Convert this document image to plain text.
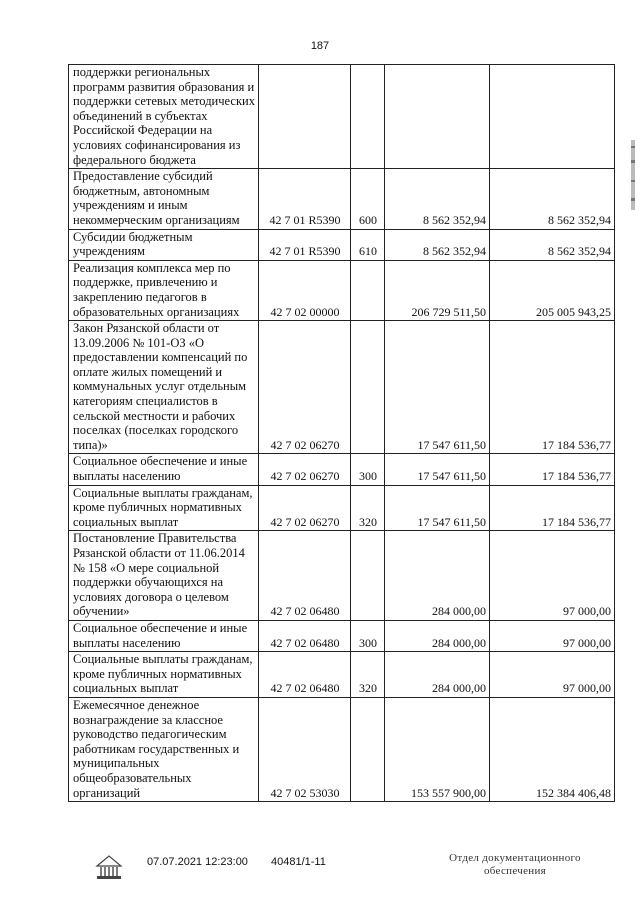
187
поддержки региональных программ развития образования и поддержки сетевых методических объединений в субъектах Российской Федерации на условиях софинансирования из федерального бюджета				
Предоставление субсидий бюджетным, автономным учреждениям и иным некоммерческим организациям	42 7 01 R5390	600	8 562 352,94	8 562 352,94
Субсидии бюджетным учреждениям	42 7 01 R5390	610	8 562 352,94	8 562 352,94
Реализация комплекса мер по поддержке, привлечению и закреплению педагогов в образовательных организациях	42 7 02 00000		206 729 511,50	205 005 943,25
Закон Рязанской области от 13.09.2006 № 101-ОЗ «О предоставлении компенсаций по оплате жилых помещений и коммунальных услуг отдельным категориям специалистов в сельской местности и рабочих поселках (поселках городского типа)»	42 7 02 06270		17 547 611,50	17 184 536,77
Социальное обеспечение и иные выплаты населению	42 7 02 06270	300	17 547 611,50	17 184 536,77
Социальные выплаты гражданам, кроме публичных нормативных социальных выплат	42 7 02 06270	320	17 547 611,50	17 184 536,77
Постановление Правительства Рязанской области от 11.06.2014 № 158 «О мере социальной поддержки обучающихся на условиях договора о целевом обучении»	42 7 02 06480		284 000,00	97 000,00
Социальное обеспечение и иные выплаты населению	42 7 02 06480	300	284 000,00	97 000,00
Социальные выплаты гражданам, кроме публичных нормативных социальных выплат	42 7 02 06480	320	284 000,00	97 000,00
Ежемесячное денежное вознаграждение за классное руководство педагогическим работникам государственных и муниципальных общеобразовательных организаций	42 7 02 53030		153 557 900,00	152 384 406,48
07.07.2021 12:23:00 40481/1-11	Отдел документационного обеспечения
